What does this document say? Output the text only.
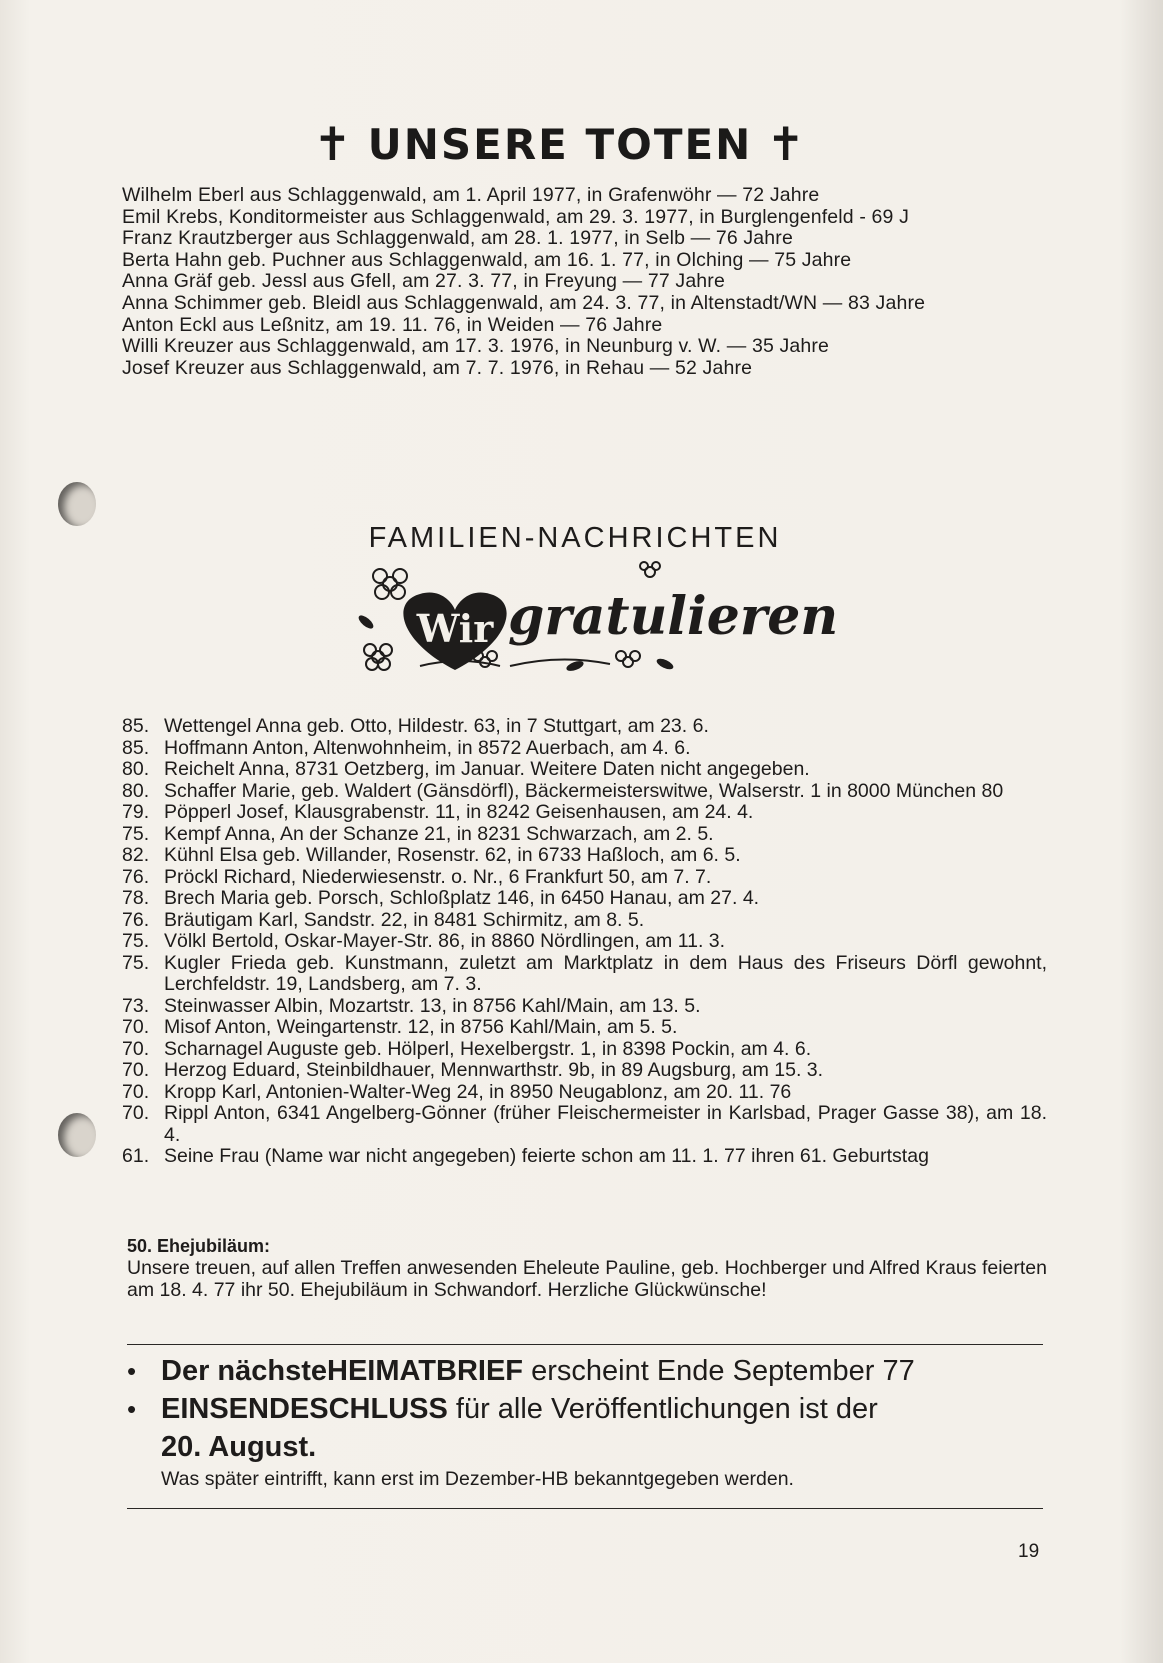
✝ UNSERE TOTEN ✝
Wilhelm Eberl aus Schlaggenwald, am 1. April 1977, in Grafenwöhr — 72 Jahre
Emil Krebs, Konditormeister aus Schlaggenwald, am 29. 3. 1977, in Burglengenfeld - 69 J
Franz Krautzberger aus Schlaggenwald, am 28. 1. 1977, in Selb — 76 Jahre
Berta Hahn geb. Puchner aus Schlaggenwald, am 16. 1. 77, in Olching — 75 Jahre
Anna Gräf geb. Jessl aus Gfell, am 27. 3. 77, in Freyung — 77 Jahre
Anna Schimmer geb. Bleidl aus Schlaggenwald, am 24. 3. 77, in Altenstadt/WN — 83 Jahre
Anton Eckl aus Leßnitz, am 19. 11. 76, in Weiden — 76 Jahre
Willi Kreuzer aus Schlaggenwald, am 17. 3. 1976, in Neunburg v. W. — 35 Jahre
Josef Kreuzer aus Schlaggenwald, am 7. 7. 1976, in Rehau — 52 Jahre
FAMILIEN-NACHRICHTEN
Wir gratulieren
85. Wettengel Anna geb. Otto, Hildestr. 63, in 7 Stuttgart, am 23. 6.
85. Hoffmann Anton, Altenwohnheim, in 8572 Auerbach, am 4. 6.
80. Reichelt Anna, 8731 Oetzberg, im Januar. Weitere Daten nicht angegeben.
80. Schaffer Marie, geb. Waldert (Gänsdörfl), Bäckermeisterswitwe, Walserstr. 1 in 8000 München 80
79. Pöpperl Josef, Klausgrabenstr. 11, in 8242 Geisenhausen, am 24. 4.
75. Kempf Anna, An der Schanze 21, in 8231 Schwarzach, am 2. 5.
82. Kühnl Elsa geb. Willander, Rosenstr. 62, in 6733 Haßloch, am 6. 5.
76. Pröckl Richard, Niederwiesenstr. o. Nr., 6 Frankfurt 50, am 7. 7.
78. Brech Maria geb. Porsch, Schloßplatz 146, in 6450 Hanau, am 27. 4.
76. Bräutigam Karl, Sandstr. 22, in 8481 Schirmitz, am 8. 5.
75. Völkl Bertold, Oskar-Mayer-Str. 86, in 8860 Nördlingen, am 11. 3.
75. Kugler Frieda geb. Kunstmann, zuletzt am Marktplatz in dem Haus des Friseurs Dörfl gewohnt, Lerchfeldstr. 19, Landsberg, am 7. 3.
73. Steinwasser Albin, Mozartstr. 13, in 8756 Kahl/Main, am 13. 5.
70. Misof Anton, Weingartenstr. 12, in 8756 Kahl/Main, am 5. 5.
70. Scharnagel Auguste geb. Hölperl, Hexelbergstr. 1, in 8398 Pockin, am 4. 6.
70. Herzog Eduard, Steinbildhauer, Mennwarthstr. 9b, in 89 Augsburg, am 15. 3.
70. Kropp Karl, Antonien-Walter-Weg 24, in 8950 Neugablonz, am 20. 11. 76
70. Rippl Anton, 6341 Angelberg-Gönner (früher Fleischermeister in Karlsbad, Prager Gasse 38), am 18. 4.
61. Seine Frau (Name war nicht angegeben) feierte schon am 11. 1. 77 ihren 61. Geburtstag
50. Ehejubiläum:
Unsere treuen, auf allen Treffen anwesenden Eheleute Pauline, geb. Hochberger und Alfred Kraus feierten am 18. 4. 77 ihr 50. Ehejubiläum in Schwandorf. Herzliche Glückwünsche!
• Der nächste HEIMATBRIEF erscheint Ende September 77
• EINSENDESCHLUSS für alle Veröffentlichungen ist der
20. August.
Was später eintrifft, kann erst im Dezember-HB bekanntgegeben werden.
19
